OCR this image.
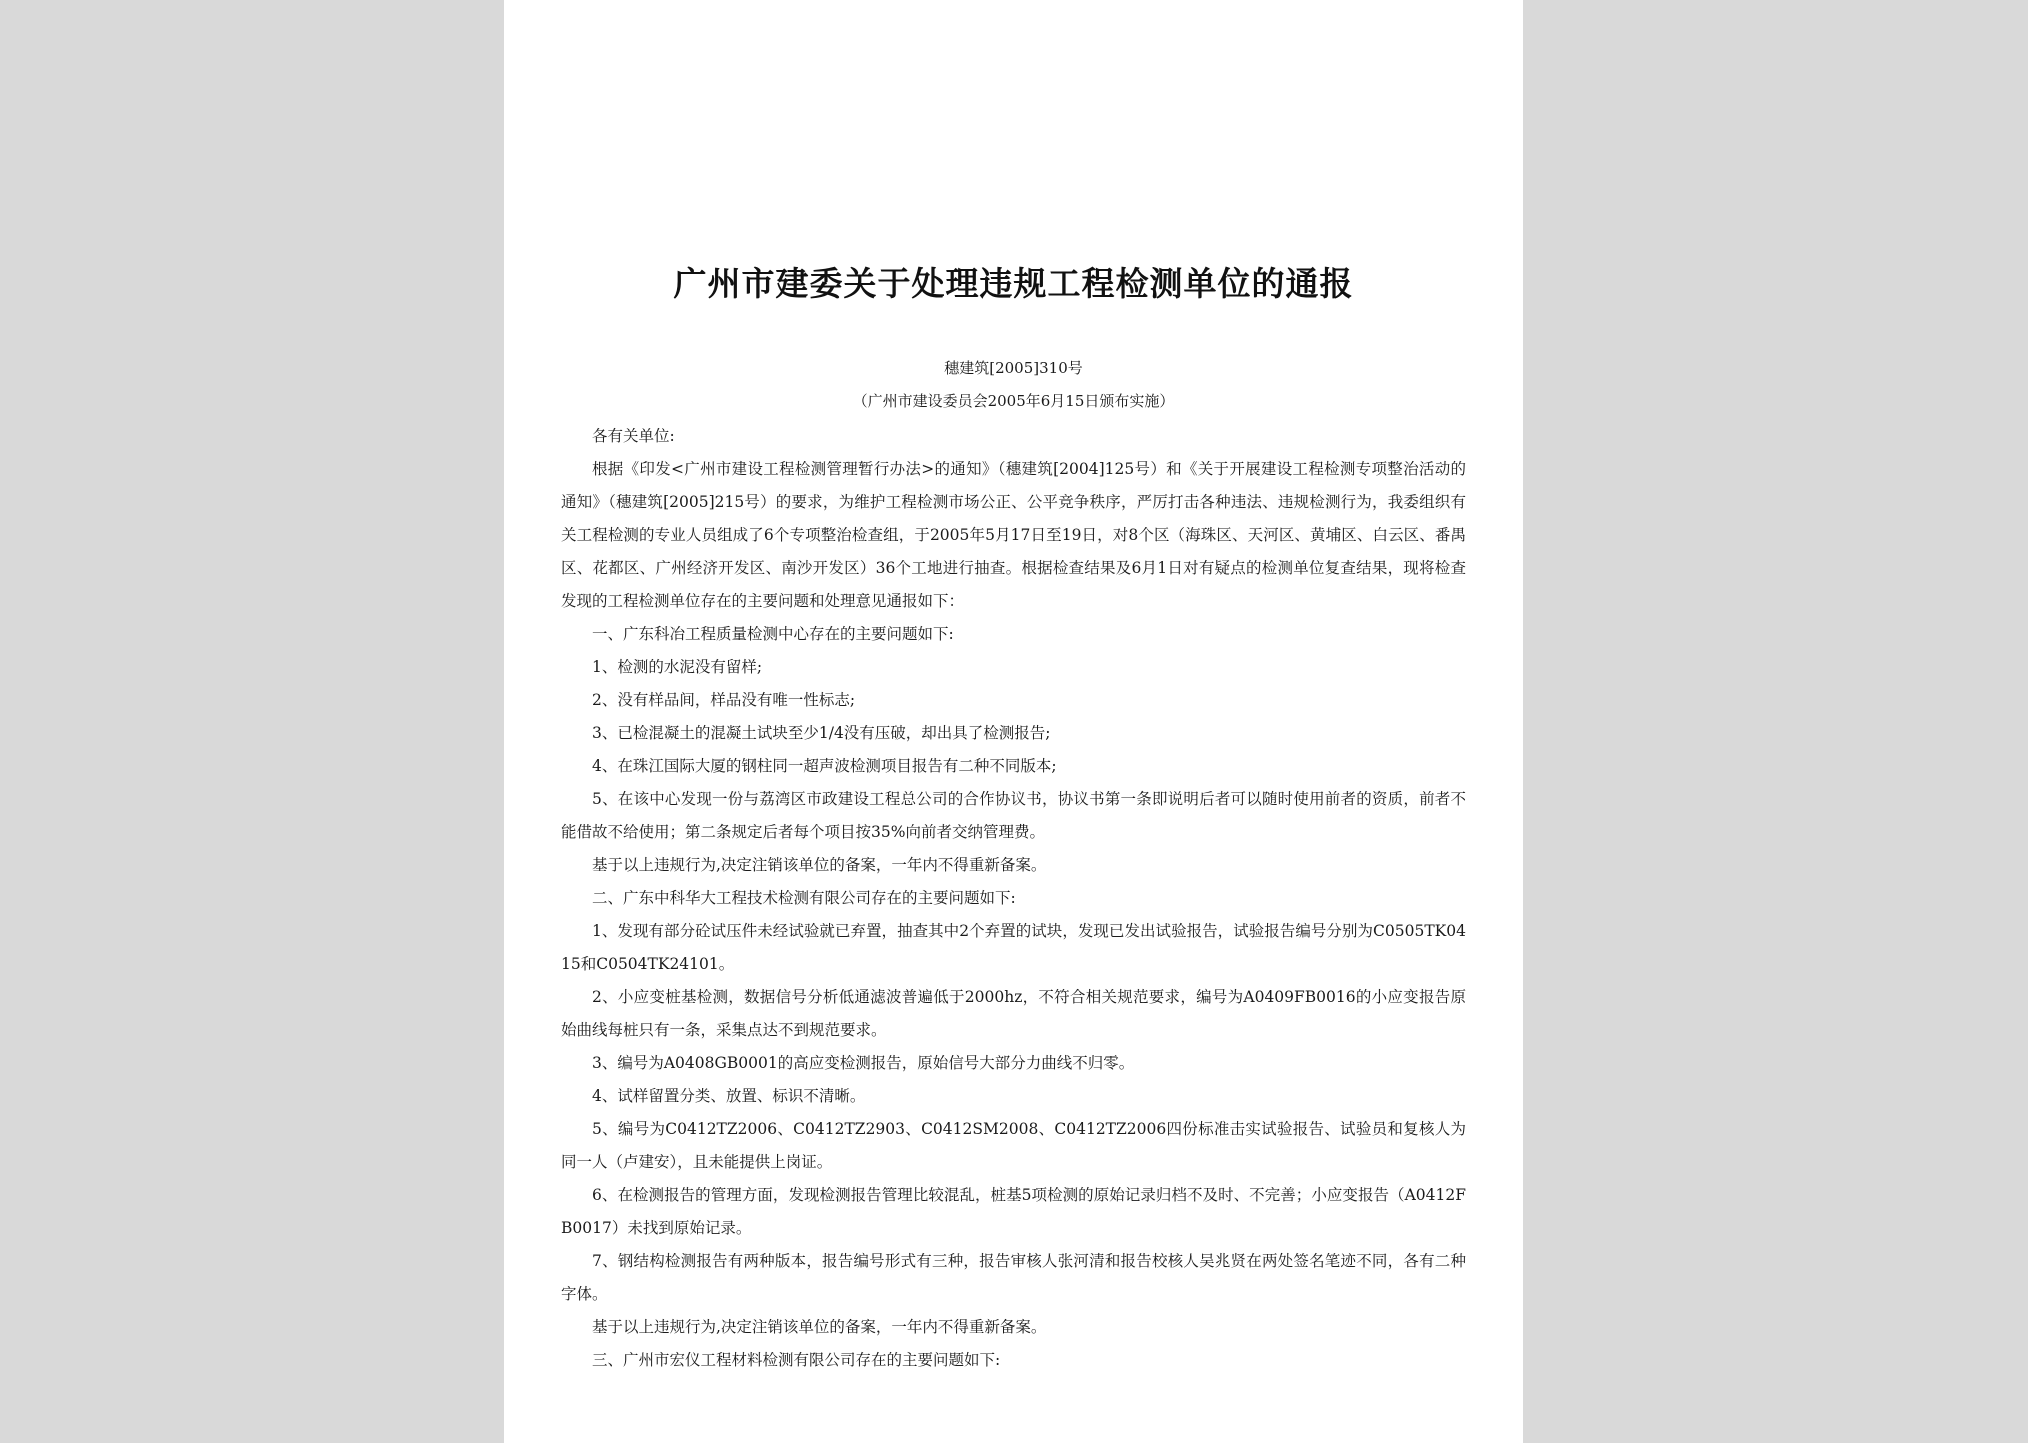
广州市建委关于处理违规工程检测单位的通报
穗建筑[2005]310号
（广州市建设委员会2005年6月15日颁布实施）

各有关单位:

根据《印发<广州市建设工程检测管理暂行办法>的通知》（穗建筑[2004]125号）和《关于开展建设工程检测专项整治活动的通知》（穗建筑[2005]215号）的要求，为维护工程检测市场公正、公平竞争秩序，严厉打击各种违法、违规检测行为，我委组织有关工程检测的专业人员组成了6个专项整治检查组，于2005年5月17日至19日，对8个区（海珠区、天河区、黄埔区、白云区、番禺区、花都区、广州经济开发区、南沙开发区）36个工地进行抽查。根据检查结果及6月1日对有疑点的检测单位复查结果，现将检查发现的工程检测单位存在的主要问题和处理意见通报如下：

一、广东科冶工程质量检测中心存在的主要问题如下:

1、检测的水泥没有留样;

2、没有样品间，样品没有唯一性标志;

3、已检混凝土的混凝土试块至少1/4没有压破，却出具了检测报告;

4、在珠江国际大厦的钢柱同一超声波检测项目报告有二种不同版本;

5、在该中心发现一份与荔湾区市政建设工程总公司的合作协议书，协议书第一条即说明后者可以随时使用前者的资质，前者不能借故不给使用；第二条规定后者每个项目按35%向前者交纳管理费。

基于以上违规行为,决定注销该单位的备案，一年内不得重新备案。

二、广东中科华大工程技术检测有限公司存在的主要问题如下:

1、发现有部分砼试压件未经试验就已弃置，抽查其中2个弃置的试块，发现已发出试验报告，试验报告编号分别为C0505TK0415和C0504TK24101。

2、小应变桩基检测，数据信号分析低通滤波普遍低于2000hz，不符合相关规范要求，编号为A0409FB0016的小应变报告原始曲线每桩只有一条，采集点达不到规范要求。

3、编号为A0408GB0001的高应变检测报告，原始信号大部分力曲线不归零。

4、试样留置分类、放置、标识不清晰。

5、编号为C0412TZ2006、C0412TZ2903、C0412SM2008、C0412TZ2006四份标准击实试验报告、试验员和复核人为同一人（卢建安），且未能提供上岗证。

6、在检测报告的管理方面，发现检测报告管理比较混乱，桩基5项检测的原始记录归档不及时、不完善；小应变报告（A0412FB0017）未找到原始记录。

7、钢结构检测报告有两种版本，报告编号形式有三种，报告审核人张河清和报告校核人吴兆贤在两处签名笔迹不同，各有二种字体。

基于以上违规行为,决定注销该单位的备案，一年内不得重新备案。

三、广州市宏仪工程材料检测有限公司存在的主要问题如下:
